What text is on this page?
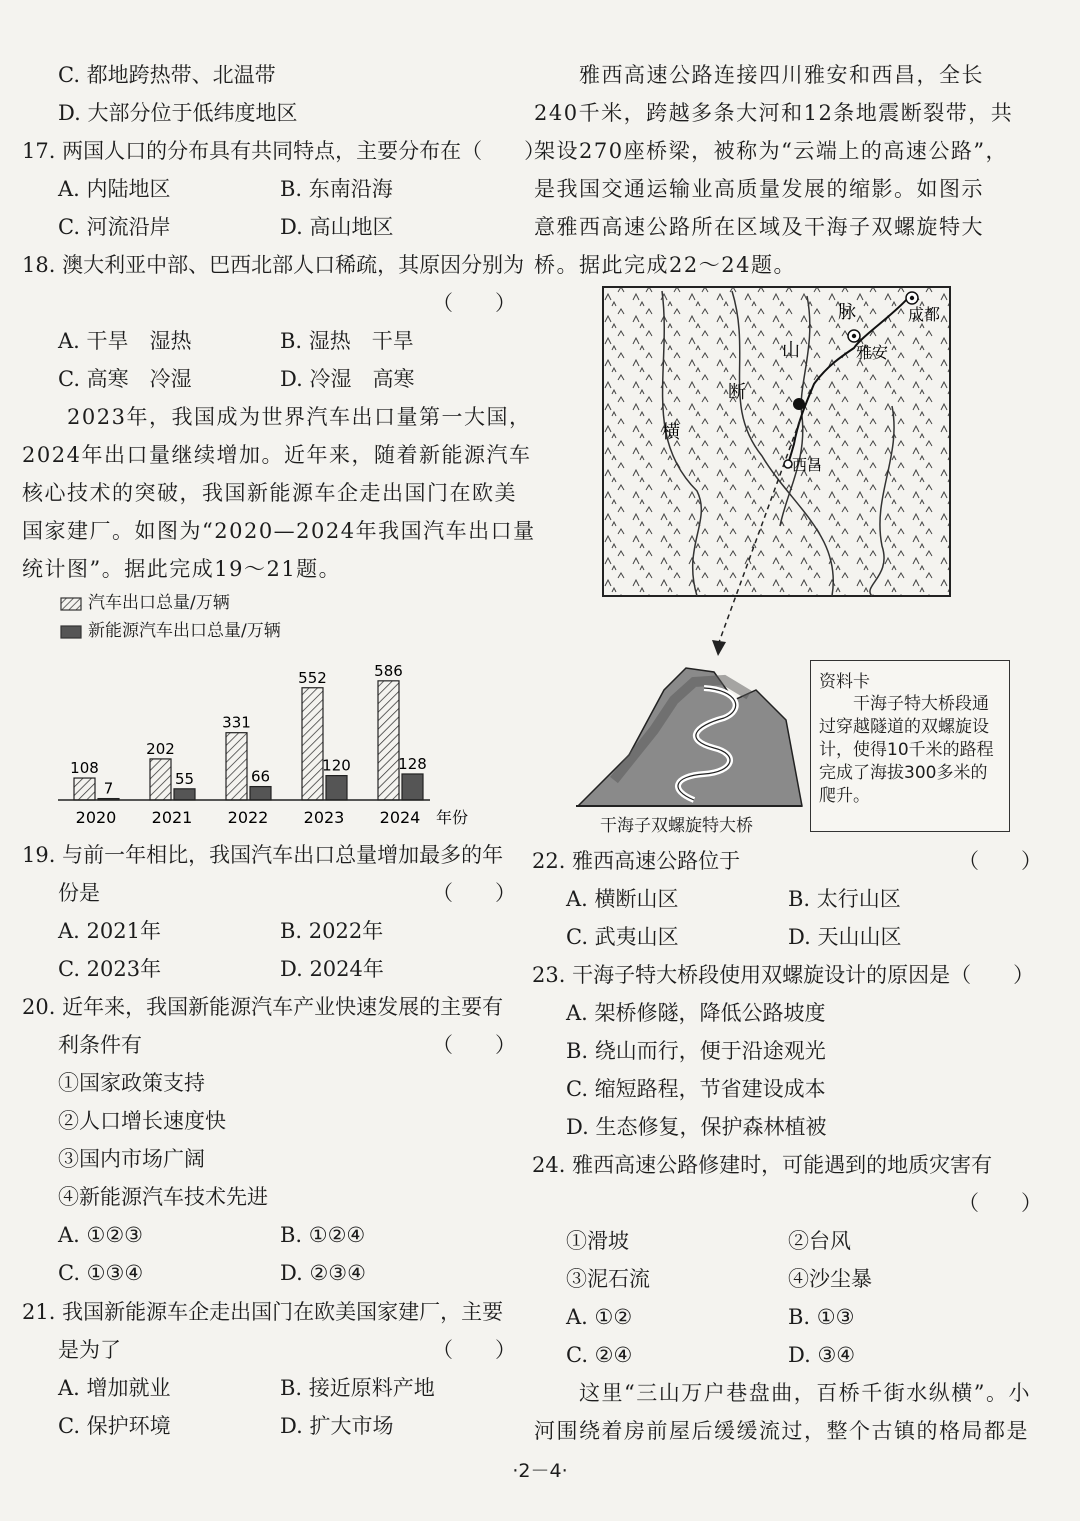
C. 都地跨热带、北温带
D. 大部分位于低纬度地区
17. 两国人口的分布具有共同特点，主要分布在（　　）
A. 内陆地区	B. 东南沿海
C. 河流沿岸	D. 高山地区
18. 澳大利亚中部、巴西北部人口稀疏，其原因分别为
（　　）
A. 干旱　湿热	B. 湿热　干旱
C. 高寒　冷湿	D. 冷湿　高寒
　　2023年，我国成为世界汽车出口量第一大国，
2024年出口量继续增加。近年来，随着新能源汽车
核心技术的突破，我国新能源车企走出国门在欧美
国家建厂。如图为“2020—2024年我国汽车出口量
统计图”。据此完成19～21题。
汽车出口总量/万辆
新能源汽车出口总量/万辆
108
7
2020
202
55
2021
331
66
2022
552
120
2023
586
128
2024 年份
19. 与前一年相比，我国汽车出口总量增加最多的年
份是	（　　）
A. 2021年	B. 2022年
C. 2023年	D. 2024年
20. 近年来，我国新能源汽车产业快速发展的主要有
利条件有	（　　）
①国家政策支持
②人口增长速度快
③国内市场广阔
④新能源汽车技术先进
A. ①②③	B. ①②④
C. ①③④	D. ②③④
21. 我国新能源车企走出国门在欧美国家建厂，主要
是为了	（　　）
A. 增加就业	B. 接近原料产地
C. 保护环境	D. 扩大市场
　　雅西高速公路连接四川雅安和西昌，全长
240千米，跨越多条大河和12条地震断裂带，共
架设270座桥梁，被称为“云端上的高速公路”，
是我国交通运输业高质量发展的缩影。如图示
意雅西高速公路所在区域及干海子双螺旋特大
桥。据此完成22～24题。
成都
雅安
西昌
横
断
山
脉
干海子双螺旋特大桥
资料卡
干海子特大桥段通过穿越隧道的双螺旋设计，使得10千米的路程完成了海拔300多米的爬升。
22. 雅西高速公路位于	（　　）
A. 横断山区	B. 太行山区
C. 武夷山区	D. 天山山区
23. 干海子特大桥段使用双螺旋设计的原因是（　　）
A. 架桥修隧，降低公路坡度
B. 绕山而行，便于沿途观光
C. 缩短路程，节省建设成本
D. 生态修复，保护森林植被
24. 雅西高速公路修建时，可能遇到的地质灾害有
（　　）
①滑坡	②台风
③泥石流	④沙尘暴
A. ①②	B. ①③
C. ②④	D. ③④
　　这里“三山万户巷盘曲，百桥千街水纵横”。小
河围绕着房前屋后缓缓流过，整个古镇的格局都是
·2－4·
